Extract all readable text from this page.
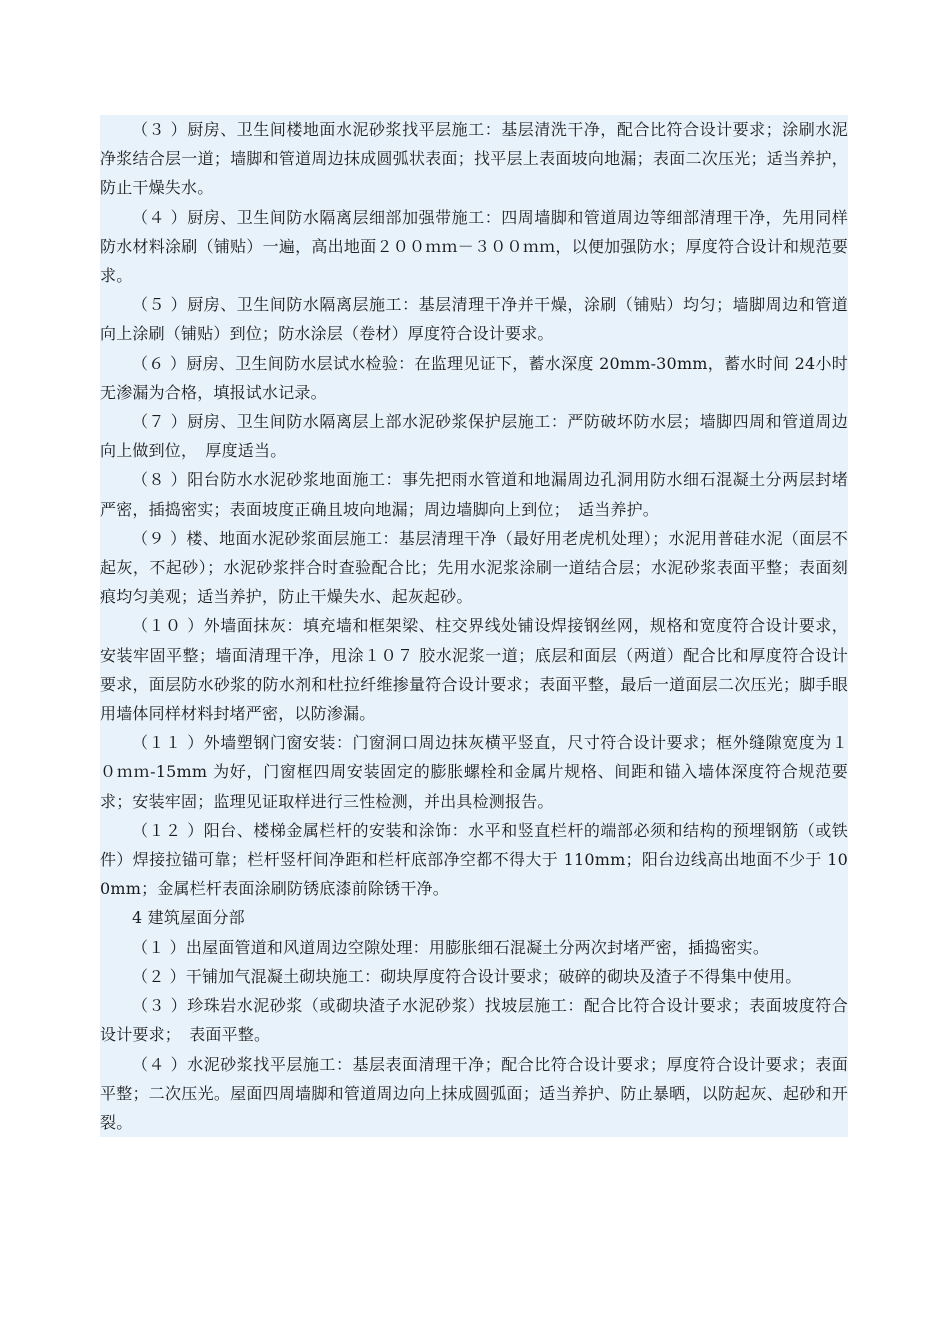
（３ ）厨房、卫生间楼地面水泥砂浆找平层施工：基层清洗干净，配合比符合设计要求；涂刷水泥净浆结合层一道；墙脚和管道周边抹成圆弧状表面；找平层上表面坡向地漏；表面二次压光；适当养护，防止干燥失水。

（４ ）厨房、卫生间防水隔离层细部加强带施工：四周墙脚和管道周边等细部清理干净，先用同样防水材料涂刷（铺贴）一遍，高出地面２００ｍｍ－３００ｍｍ，以便加强防水；厚度符合设计和规范要求。

（５ ）厨房、卫生间防水隔离层施工：基层清理干净并干燥，涂刷（铺贴）均匀；墙脚周边和管道向上涂刷（铺贴）到位；防水涂层（卷材）厚度符合设计要求。

（６ ）厨房、卫生间防水层试水检验：在监理见证下，蓄水深度 20mm-30mm，蓄水时间 24小时无渗漏为合格，填报试水记录。

（７ ）厨房、卫生间防水隔离层上部水泥砂浆保护层施工：严防破坏防水层；墙脚四周和管道周边向上做到位，　厚度适当。

（８ ）阳台防水水泥砂浆地面施工：事先把雨水管道和地漏周边孔洞用防水细石混凝土分两层封堵严密，插捣密实；表面坡度正确且坡向地漏；周边墙脚向上到位；　适当养护。

（９ ）楼、地面水泥砂浆面层施工：基层清理干净（最好用老虎机处理）；水泥用普硅水泥（面层不起灰，不起砂）；水泥砂浆拌合时查验配合比；先用水泥浆涂刷一道结合层；水泥砂浆表面平整；表面刻痕均匀美观；适当养护，防止干燥失水、起灰起砂。

（１０ ）外墙面抹灰：填充墙和框架梁、柱交界线处铺设焊接钢丝网，规格和宽度符合设计要求，安装牢固平整；墙面清理干净，甩涂１０７ 胶水泥浆一道；底层和面层（两道）配合比和厚度符合设计要求，面层防水砂浆的防水剂和杜拉纤维掺量符合设计要求；表面平整，最后一道面层二次压光；脚手眼用墙体同样材料封堵严密，以防渗漏。

（１１ ）外墙塑钢门窗安装：门窗洞口周边抹灰横平竖直，尺寸符合设计要求；框外缝隙宽度为１０ｍｍ-15mm 为好，门窗框四周安装固定的膨胀螺栓和金属片规格、间距和锚入墙体深度符合规范要求；安装牢固；监理见证取样进行三性检测，并出具检测报告。

（１２ ）阳台、楼梯金属栏杆的安装和涂饰：水平和竖直栏杆的端部必须和结构的预埋钢筋（或铁件）焊接拉锚可靠；栏杆竖杆间净距和栏杆底部净空都不得大于 110mm；阳台边线高出地面不少于 100mm；金属栏杆表面涂刷防锈底漆前除锈干净。

4 建筑屋面分部

（１ ）出屋面管道和风道周边空隙处理：用膨胀细石混凝土分两次封堵严密，插捣密实。

（２ ）干铺加气混凝土砌块施工：砌块厚度符合设计要求；破碎的砌块及渣子不得集中使用。

（３ ）珍珠岩水泥砂浆（或砌块渣子水泥砂浆）找坡层施工：配合比符合设计要求；表面坡度符合设计要求；　表面平整。

（４ ）水泥砂浆找平层施工：基层表面清理干净；配合比符合设计要求；厚度符合设计要求；表面平整；二次压光。屋面四周墙脚和管道周边向上抹成圆弧面；适当养护、防止暴晒，以防起灰、起砂和开裂。
